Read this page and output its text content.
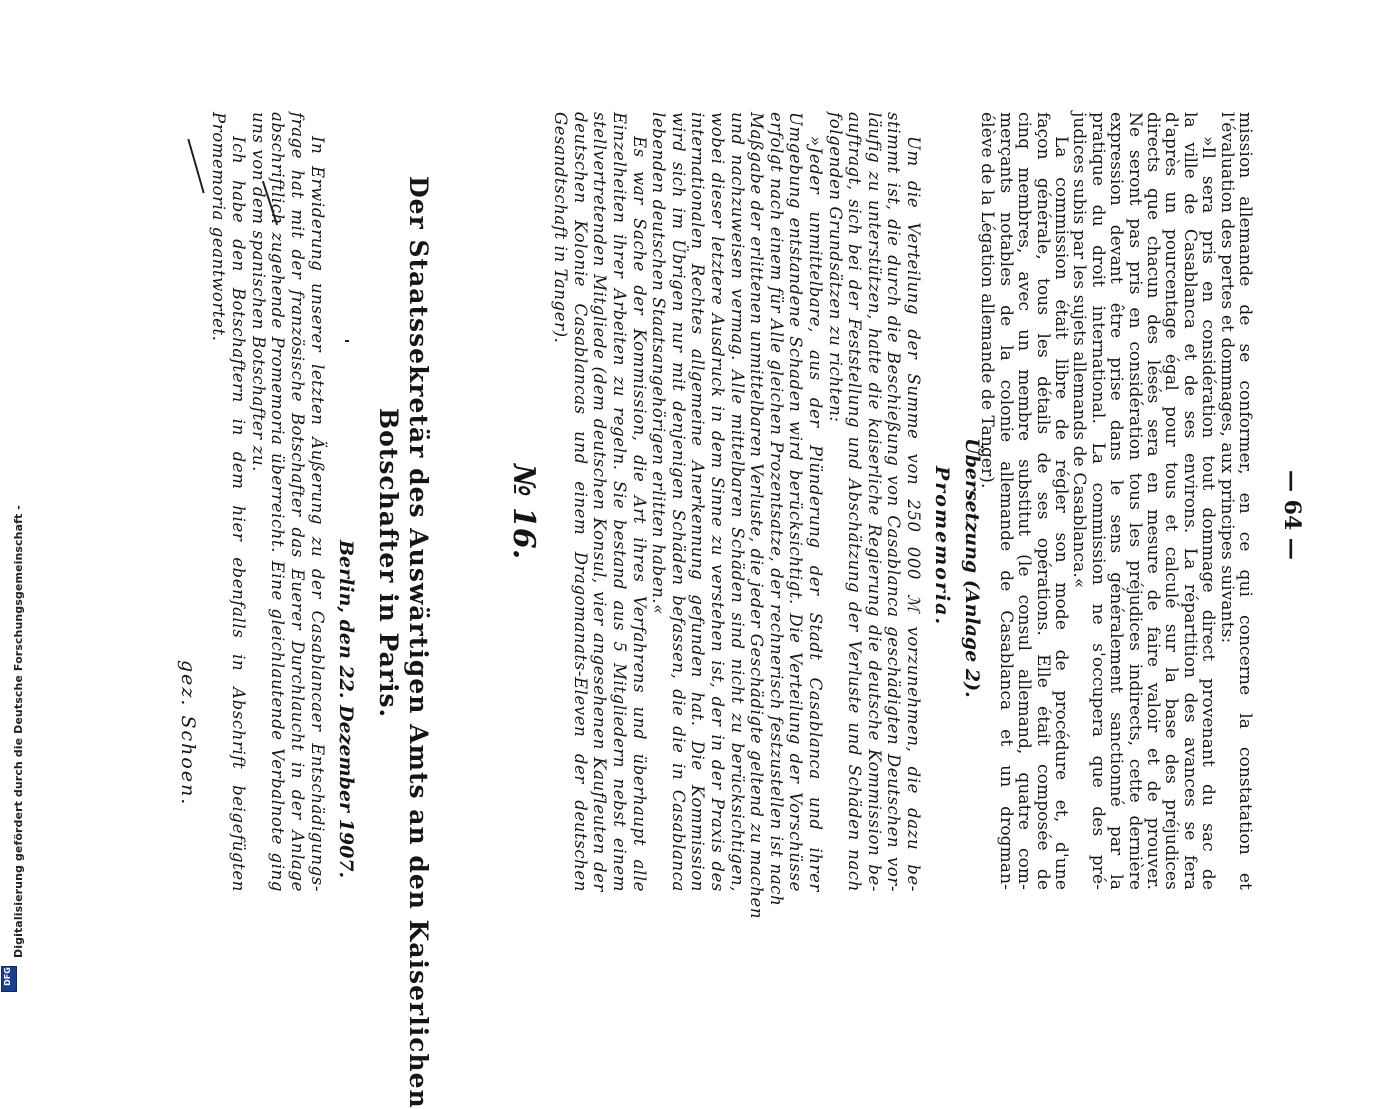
— 64 —
mission allemande de se conformer, en ce qui concerne la constatation et
l'évaluation des pertes et dommages, aux principes suivants:
»Il sera pris en considération tout dommage direct provenant du sac de
la ville de Casablanca et de ses environs. La répartition des avances se fera
d'après un pourcentage égal pour tous et calculé sur la base des préjudices
directs que chacun des lésés sera en mesure de faire valoir et de prouver.
Ne seront pas pris en considération tous les préjudices indirects, cette dernière
expression devant être prise dans le sens généralement sanctionné par la
pratique du droit international. La commission ne s'occupera que des pré-
judices subis par les sujets allemands de Casablanca.«
La commission était libre de régler son mode de procédure et, d'une
façon générale, tous les détails de ses opérations. Elle était composée de
cinq membres, avec un membre substitut (le consul allemand, quatre com-
merçants notables de la colonie allemande de Casablanca et un drogman-
élève de la Légation allemande de Tanger).
Übersetzung (Anlage 2).
Promemoria.
Um die Verteilung der Summe von 250 000 ℳ vorzunehmen, die dazu be-
stimmt ist, die durch die Beschießung von Casablanca geschädigten Deutschen vor-
läufig zu unterstützen, hatte die kaiserliche Regierung die deutsche Kommission be-
auftragt, sich bei der Feststellung und Abschätzung der Verluste und Schäden nach
folgenden Grundsätzen zu richten:
»Jeder unmittelbare, aus der Plünderung der Stadt Casablanca und ihrer
Umgebung entstandene Schaden wird berücksichtigt. Die Verteilung der Vorschüsse
erfolgt nach einem für Alle gleichen Prozentsatze, der rechnerisch festzustellen ist nach
Maßgabe der erlittenen unmittelbaren Verluste, die jeder Geschädigte geltend zu machen
und nachzuweisen vermag. Alle mittelbaren Schäden sind nicht zu berücksichtigen,
wobei dieser letztere Ausdruck in dem Sinne zu verstehen ist, der in der Praxis des
internationalen Rechtes allgemeine Anerkennung gefunden hat. Die Kommission
wird sich im Übrigen nur mit denjenigen Schäden befassen, die die in Casablanca
lebenden deutschen Staatsangehörigen erlitten haben.«
Es war Sache der Kommission, die Art ihres Verfahrens und überhaupt alle
Einzelheiten ihrer Arbeiten zu regeln. Sie bestand aus 5 Mitgliedern nebst einem
stellvertretenden Mitgliede (dem deutschen Konsul, vier angesehenen Kaufleuten der
deutschen Kolonie Casablancas und einem Dragomanats-Eleven der deutschen
Gesandtschaft in Tanger).
№ 16.
Der Staatssekretär des Auswärtigen Amts an den Kaiserlichen
Botschafter in Paris.
Berlin, den 22. Dezember 1907.
In Erwiderung unserer letzten Äußerung zu der Casablancaer Entschädigungs-
frage hat mit der französische Botschafter das Euerer Durchlaucht in der Anlage
abschriftlich zugehende Promemoria überreicht. Eine gleichlautende Verbalnote ging
uns von dem spanischen Botschafter zu.
Ich habe den Botschaftern in dem hier ebenfalls in Abschrift beigefügten
Promemoria geantwortet.
gez. Schoen.
Digitalisierung gefördert durch die Deutsche Forschungsgemeinschaft -
DFG
